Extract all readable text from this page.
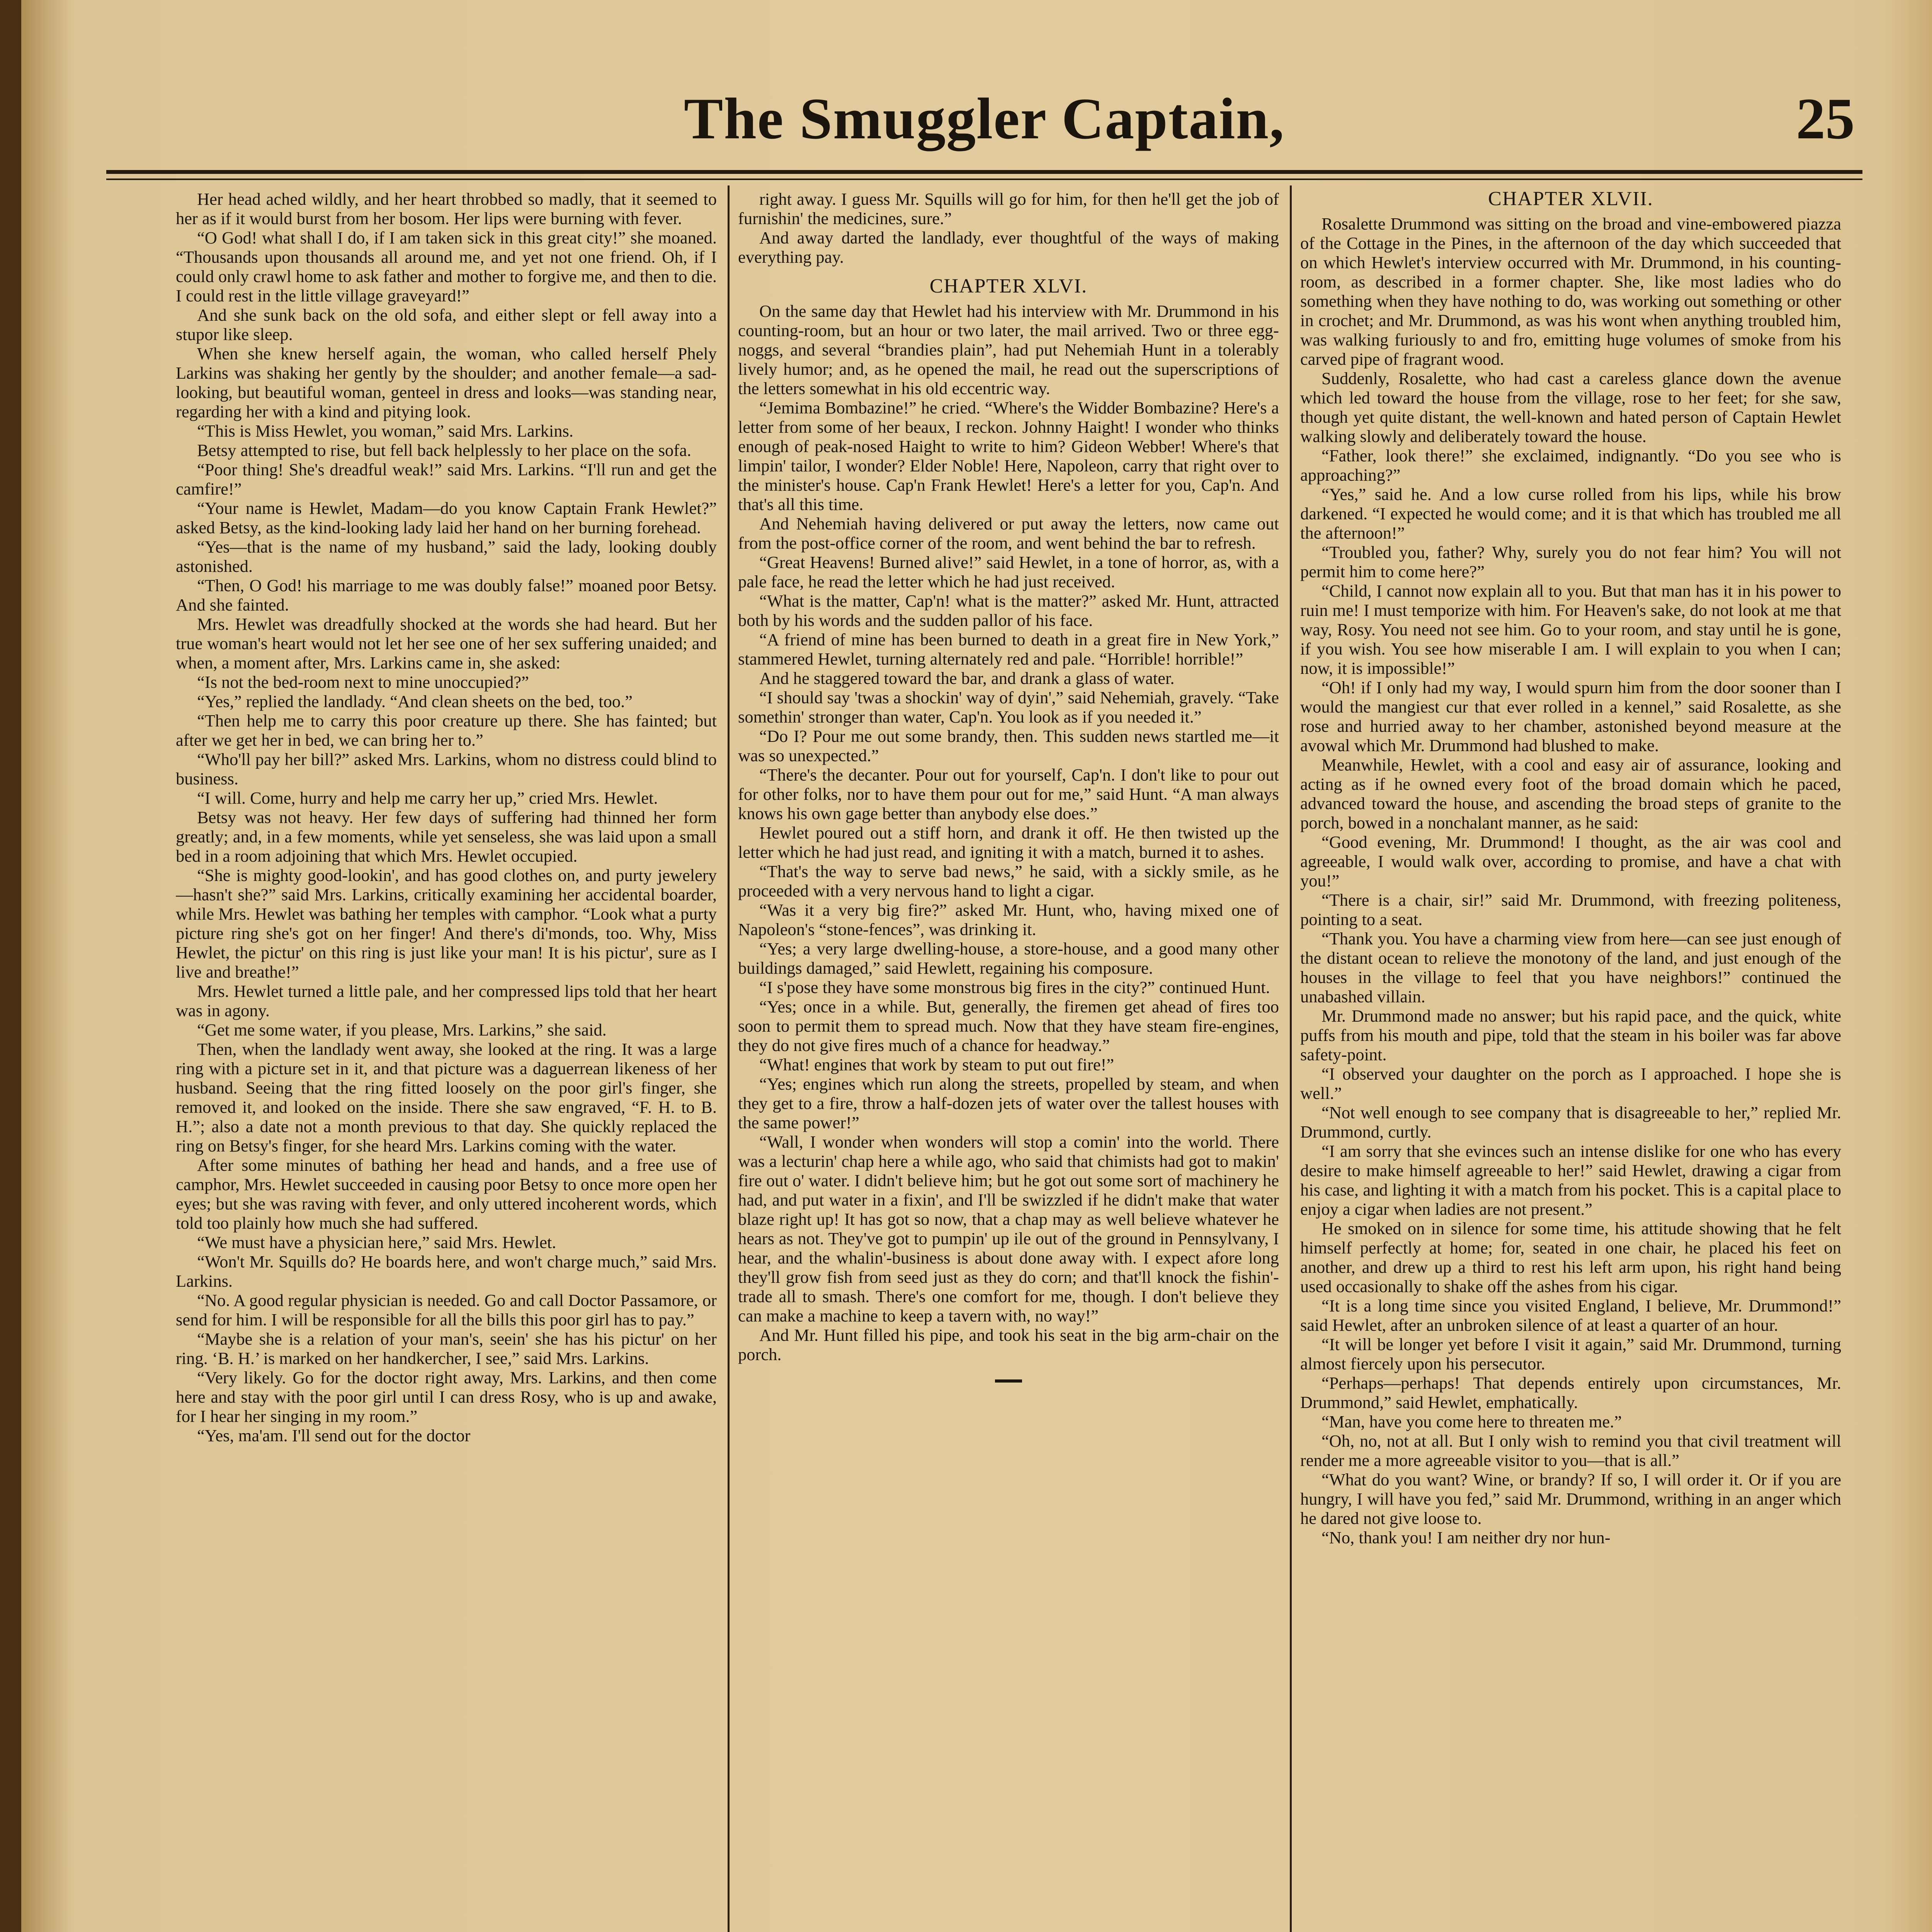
The Smuggler Captain,	25

Her head ached wildly, and her heart throbbed so madly, that it seemed to her as if it would burst from her bosom. Her lips were burning with fever.

“O God! what shall I do, if I am taken sick in this great city!” she moaned. “Thousands upon thousands all around me, and yet not one friend. Oh, if I could only crawl home to ask father and mother to forgive me, and then to die. I could rest in the little village graveyard!”

And she sunk back on the old sofa, and either slept or fell away into a stupor like sleep.

When she knew herself again, the woman, who called herself Phely Larkins was shaking her gently by the shoulder; and another female—a sad-looking, but beautiful woman, genteel in dress and looks—was standing near, regarding her with a kind and pitying look.

“This is Miss Hewlet, you woman,” said Mrs. Larkins.

Betsy attempted to rise, but fell back helplessly to her place on the sofa.

“Poor thing! She's dreadful weak!” said Mrs. Larkins. “I'll run and get the camfire!”

“Your name is Hewlet, Madam—do you know Captain Frank Hewlet?” asked Betsy, as the kind-looking lady laid her hand on her burning forehead.

“Yes—that is the name of my husband,” said the lady, looking doubly astonished.

“Then, O God! his marriage to me was doubly false!” moaned poor Betsy. And she fainted.

Mrs. Hewlet was dreadfully shocked at the words she had heard. But her true woman's heart would not let her see one of her sex suffering unaided; and when, a moment after, Mrs. Larkins came in, she asked:

“Is not the bed-room next to mine unoccupied?”

“Yes,” replied the landlady. “And clean sheets on the bed, too.”

“Then help me to carry this poor creature up there. She has fainted; but after we get her in bed, we can bring her to.”

“Who'll pay her bill?” asked Mrs. Larkins, whom no distress could blind to business.

“I will. Come, hurry and help me carry her up,” cried Mrs. Hewlet.

Betsy was not heavy. Her few days of suffering had thinned her form greatly; and, in a few moments, while yet senseless, she was laid upon a small bed in a room adjoining that which Mrs. Hewlet occupied.

“She is mighty good-lookin', and has good clothes on, and purty jewelery—hasn't she?” said Mrs. Larkins, critically examining her accidental boarder, while Mrs. Hewlet was bathing her temples with camphor. “Look what a purty picture ring she's got on her finger! And there's di'monds, too. Why, Miss Hewlet, the pictur' on this ring is just like your man! It is his pictur', sure as I live and breathe!”

Mrs. Hewlet turned a little pale, and her compressed lips told that her heart was in agony.

“Get me some water, if you please, Mrs. Larkins,” she said.

Then, when the landlady went away, she looked at the ring. It was a large ring with a picture set in it, and that picture was a daguerrean likeness of her husband. Seeing that the ring fitted loosely on the poor girl's finger, she removed it, and looked on the inside. There she saw engraved, “F. H. to B. H.”; also a date not a month previous to that day. She quickly replaced the ring on Betsy's finger, for she heard Mrs. Larkins coming with the water.

After some minutes of bathing her head and hands, and a free use of camphor, Mrs. Hewlet succeeded in causing poor Betsy to once more open her eyes; but she was raving with fever, and only uttered incoherent words, which told too plainly how much she had suffered.

“We must have a physician here,” said Mrs. Hewlet.

“Won't Mr. Squills do? He boards here, and won't charge much,” said Mrs. Larkins.

“No. A good regular physician is needed. Go and call Doctor Passamore, or send for him. I will be responsible for all the bills this poor girl has to pay.”

“Maybe she is a relation of your man's, seein' she has his pictur' on her ring. ‘B. H.’ is marked on her handkercher, I see,” said Mrs. Larkins.

“Very likely. Go for the doctor right away, Mrs. Larkins, and then come here and stay with the poor girl until I can dress Rosy, who is up and awake, for I hear her singing in my room.”

“Yes, ma'am. I'll send out for the doctor

right away. I guess Mr. Squills will go for him, for then he'll get the job of furnishin' the medicines, sure.”

And away darted the landlady, ever thoughtful of the ways of making everything pay.

CHAPTER XLVI.

On the same day that Hewlet had his interview with Mr. Drummond in his counting-room, but an hour or two later, the mail arrived. Two or three egg-noggs, and several “brandies plain”, had put Nehemiah Hunt in a tolerably lively humor; and, as he opened the mail, he read out the superscriptions of the letters somewhat in his old eccentric way.

“Jemima Bombazine!” he cried. “Where's the Widder Bombazine? Here's a letter from some of her beaux, I reckon. Johnny Haight! I wonder who thinks enough of peak-nosed Haight to write to him? Gideon Webber! Where's that limpin' tailor, I wonder? Elder Noble! Here, Napoleon, carry that right over to the minister's house. Cap'n Frank Hewlet! Here's a letter for you, Cap'n. And that's all this time.

And Nehemiah having delivered or put away the letters, now came out from the post-office corner of the room, and went behind the bar to refresh.

“Great Heavens! Burned alive!” said Hewlet, in a tone of horror, as, with a pale face, he read the letter which he had just received.

“What is the matter, Cap'n! what is the matter?” asked Mr. Hunt, attracted both by his words and the sudden pallor of his face.

“A friend of mine has been burned to death in a great fire in New York,” stammered Hewlet, turning alternately red and pale. “Horrible! horrible!”

And he staggered toward the bar, and drank a glass of water.

“I should say 'twas a shockin' way of dyin',” said Nehemiah, gravely. “Take somethin' stronger than water, Cap'n. You look as if you needed it.”

“Do I? Pour me out some brandy, then. This sudden news startled me—it was so unexpected.”

“There's the decanter. Pour out for yourself, Cap'n. I don't like to pour out for other folks, nor to have them pour out for me,” said Hunt. “A man always knows his own gage better than anybody else does.”

Hewlet poured out a stiff horn, and drank it off. He then twisted up the letter which he had just read, and igniting it with a match, burned it to ashes.

“That's the way to serve bad news,” he said, with a sickly smile, as he proceeded with a very nervous hand to light a cigar.

“Was it a very big fire?” asked Mr. Hunt, who, having mixed one of Napoleon's “stone-fences”, was drinking it.

“Yes; a very large dwelling-house, a store-house, and a good many other buildings damaged,” said Hewlett, regaining his composure.

“I s'pose they have some monstrous big fires in the city?” continued Hunt.

“Yes; once in a while. But, generally, the firemen get ahead of fires too soon to permit them to spread much. Now that they have steam fire-engines, they do not give fires much of a chance for headway.”

“What! engines that work by steam to put out fire!”

“Yes; engines which run along the streets, propelled by steam, and when they get to a fire, throw a half-dozen jets of water over the tallest houses with the same power!”

“Wall, I wonder when wonders will stop a comin' into the world. There was a lecturin' chap here a while ago, who said that chimists had got to makin' fire out o' water. I didn't believe him; but he got out some sort of machinery he had, and put water in a fixin', and I'll be swizzled if he didn't make that water blaze right up! It has got so now, that a chap may as well believe whatever he hears as not. They've got to pumpin' up ile out of the ground in Pennsylvany, I hear, and the whalin'-business is about done away with. I expect afore long they'll grow fish from seed just as they do corn; and that'll knock the fishin'-trade all to smash. There's one comfort for me, though. I don't believe they can make a machine to keep a tavern with, no way!”

And Mr. Hunt filled his pipe, and took his seat in the big arm-chair on the porch.

CHAPTER XLVII.

Rosalette Drummond was sitting on the broad and vine-embowered piazza of the Cottage in the Pines, in the afternoon of the day which succeeded that on which Hewlet's interview occurred with Mr. Drummond, in his counting-room, as described in a former chapter. She, like most ladies who do something when they have nothing to do, was working out something or other in crochet; and Mr. Drummond, as was his wont when anything troubled him, was walking furiously to and fro, emitting huge volumes of smoke from his carved pipe of fragrant wood.

Suddenly, Rosalette, who had cast a careless glance down the avenue which led toward the house from the village, rose to her feet; for she saw, though yet quite distant, the well-known and hated person of Captain Hewlet walking slowly and deliberately toward the house.

“Father, look there!” she exclaimed, indignantly. “Do you see who is approaching?”

“Yes,” said he. And a low curse rolled from his lips, while his brow darkened. “I expected he would come; and it is that which has troubled me all the afternoon!”

“Troubled you, father? Why, surely you do not fear him? You will not permit him to come here?”

“Child, I cannot now explain all to you. But that man has it in his power to ruin me! I must temporize with him. For Heaven's sake, do not look at me that way, Rosy. You need not see him. Go to your room, and stay until he is gone, if you wish. You see how miserable I am. I will explain to you when I can; now, it is impossible!”

“Oh! if I only had my way, I would spurn him from the door sooner than I would the mangiest cur that ever rolled in a kennel,” said Rosalette, as she rose and hurried away to her chamber, astonished beyond measure at the avowal which Mr. Drummond had blushed to make.

Meanwhile, Hewlet, with a cool and easy air of assurance, looking and acting as if he owned every foot of the broad domain which he paced, advanced toward the house, and ascending the broad steps of granite to the porch, bowed in a nonchalant manner, as he said:

“Good evening, Mr. Drummond! I thought, as the air was cool and agreeable, I would walk over, according to promise, and have a chat with you!”

“There is a chair, sir!” said Mr. Drummond, with freezing politeness, pointing to a seat.

“Thank you. You have a charming view from here—can see just enough of the distant ocean to relieve the monotony of the land, and just enough of the houses in the village to feel that you have neighbors!” continued the unabashed villain.

Mr. Drummond made no answer; but his rapid pace, and the quick, white puffs from his mouth and pipe, told that the steam in his boiler was far above safety-point.

“I observed your daughter on the porch as I approached. I hope she is well.”

“Not well enough to see company that is disagreeable to her,” replied Mr. Drummond, curtly.

“I am sorry that she evinces such an intense dislike for one who has every desire to make himself agreeable to her!” said Hewlet, drawing a cigar from his case, and lighting it with a match from his pocket. This is a capital place to enjoy a cigar when ladies are not present.”

He smoked on in silence for some time, his attitude showing that he felt himself perfectly at home; for, seated in one chair, he placed his feet on another, and drew up a third to rest his left arm upon, his right hand being used occasionally to shake off the ashes from his cigar.

“It is a long time since you visited England, I believe, Mr. Drummond!” said Hewlet, after an unbroken silence of at least a quarter of an hour.

“It will be longer yet before I visit it again,” said Mr. Drummond, turning almost fiercely upon his persecutor.

“Perhaps—perhaps! That depends entirely upon circumstances, Mr. Drummond,” said Hewlet, emphatically.

“Man, have you come here to threaten me.”

“Oh, no, not at all. But I only wish to remind you that civil treatment will render me a more agreeable visitor to you—that is all.”

“What do you want? Wine, or brandy? If so, I will order it. Or if you are hungry, I will have you fed,” said Mr. Drummond, writhing in an anger which he dared not give loose to.

“No, thank you! I am neither dry nor hun-
